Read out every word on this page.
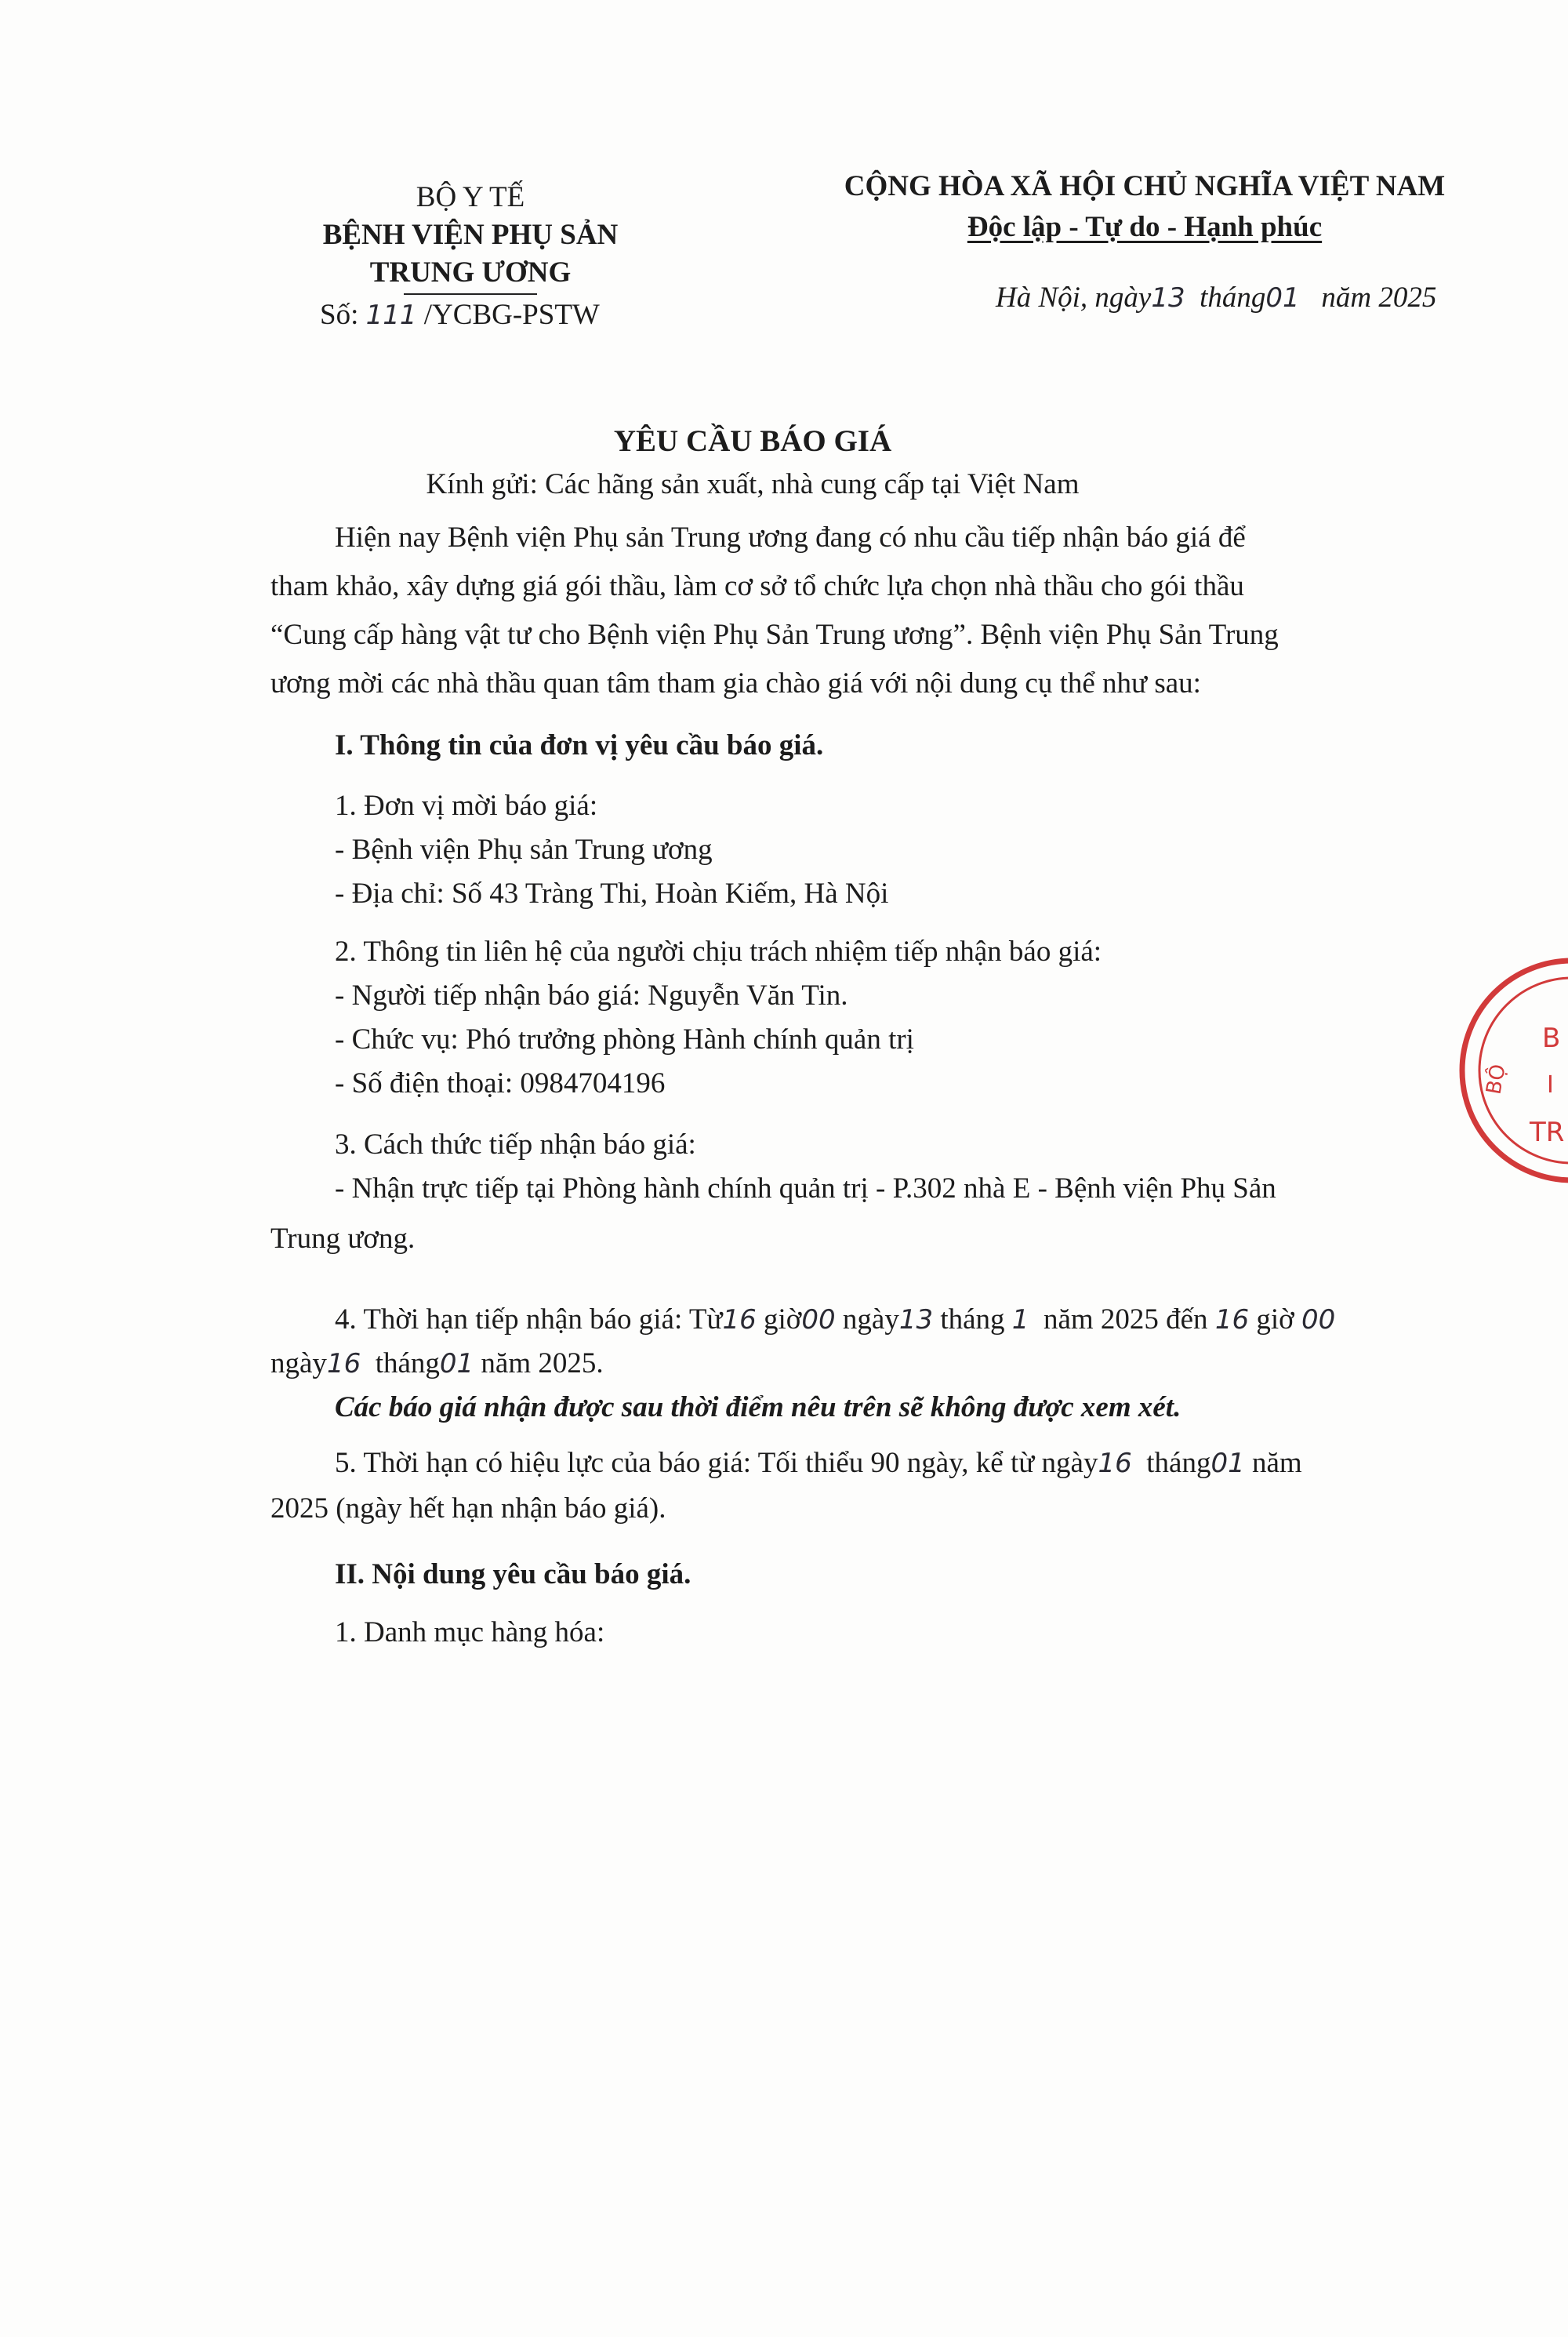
BỘ Y TẾ
BỆNH VIỆN PHỤ SẢN
TRUNG ƯƠNG
Số: 111 /YCBG-PSTW
CỘNG HÒA XÃ HỘI CHỦ NGHĨA VIỆT NAM
Độc lập - Tự do - Hạnh phúc
Hà Nội, ngày13 tháng01 năm 2025
YÊU CẦU BÁO GIÁ
Kính gửi: Các hãng sản xuất, nhà cung cấp tại Việt Nam
Hiện nay Bệnh viện Phụ sản Trung ương đang có nhu cầu tiếp nhận báo giá để
tham khảo, xây dựng giá gói thầu, làm cơ sở tổ chức lựa chọn nhà thầu cho gói thầu
“Cung cấp hàng vật tư cho Bệnh viện Phụ Sản Trung ương”. Bệnh viện Phụ Sản Trung
ương mời các nhà thầu quan tâm tham gia chào giá với nội dung cụ thể như sau:
I. Thông tin của đơn vị yêu cầu báo giá.
1. Đơn vị mời báo giá:
- Bệnh viện Phụ sản Trung ương
- Địa chỉ: Số 43 Tràng Thi, Hoàn Kiếm, Hà Nội
2. Thông tin liên hệ của người chịu trách nhiệm tiếp nhận báo giá:
- Người tiếp nhận báo giá: Nguyễn Văn Tin.
- Chức vụ: Phó trưởng phòng Hành chính quản trị
- Số điện thoại: 0984704196
3. Cách thức tiếp nhận báo giá:
- Nhận trực tiếp tại Phòng hành chính quản trị - P.302 nhà E - Bệnh viện Phụ Sản
Trung ương.
4. Thời hạn tiếp nhận báo giá: Từ16 giờ00 ngày13 tháng 1 năm 2025 đến 16 giờ 00
ngày16 tháng01 năm 2025.
Các báo giá nhận được sau thời điểm nêu trên sẽ không được xem xét.
5. Thời hạn có hiệu lực của báo giá: Tối thiểu 90 ngày, kể từ ngày16 tháng01 năm
2025 (ngày hết hạn nhận báo giá).
II. Nội dung yêu cầu báo giá.
1. Danh mục hàng hóa:
B
I
TR
BỘ
